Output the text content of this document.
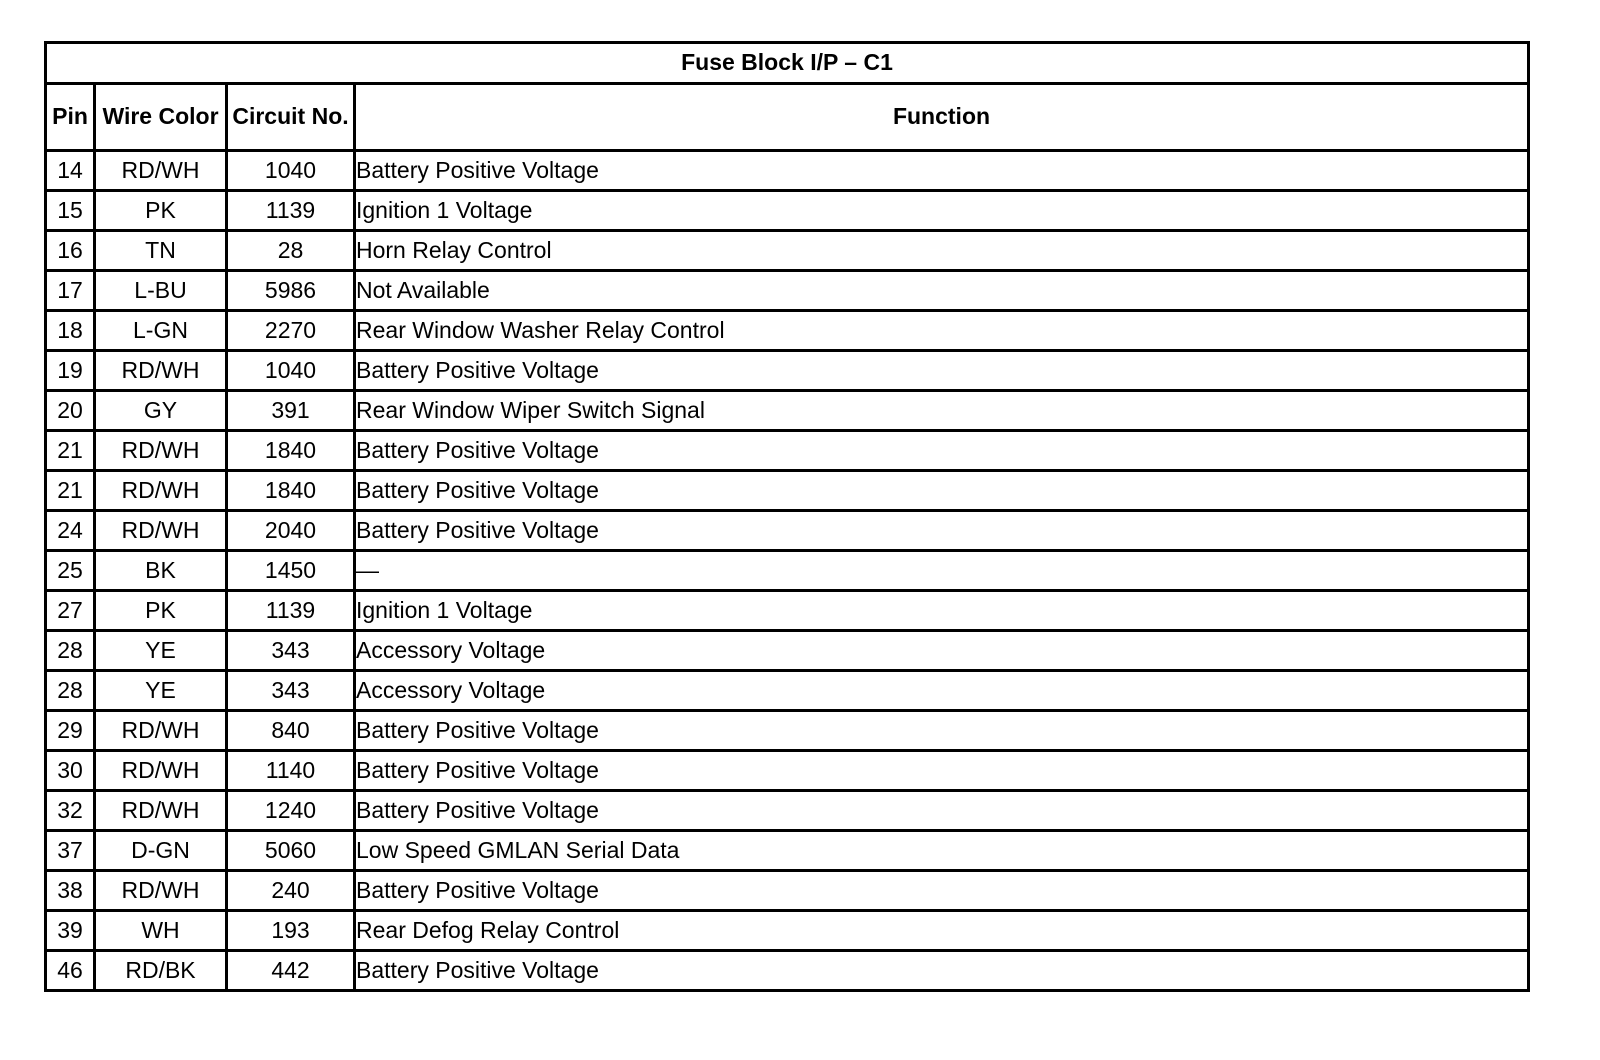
Fuse Block I/P – C1			
Pin	Wire Color	Circuit No.	Function
14	RD/WH	1040	Battery Positive Voltage
15	PK	1139	Ignition 1 Voltage
16	TN	28	Horn Relay Control
17	L-BU	5986	Not Available
18	L-GN	2270	Rear Window Washer Relay Control
19	RD/WH	1040	Battery Positive Voltage
20	GY	391	Rear Window Wiper Switch Signal
21	RD/WH	1840	Battery Positive Voltage
21	RD/WH	1840	Battery Positive Voltage
24	RD/WH	2040	Battery Positive Voltage
25	BK	1450	—
27	PK	1139	Ignition 1 Voltage
28	YE	343	Accessory Voltage
28	YE	343	Accessory Voltage
29	RD/WH	840	Battery Positive Voltage
30	RD/WH	1140	Battery Positive Voltage
32	RD/WH	1240	Battery Positive Voltage
37	D-GN	5060	Low Speed GMLAN Serial Data
38	RD/WH	240	Battery Positive Voltage
39	WH	193	Rear Defog Relay Control
46	RD/BK	442	Battery Positive Voltage
